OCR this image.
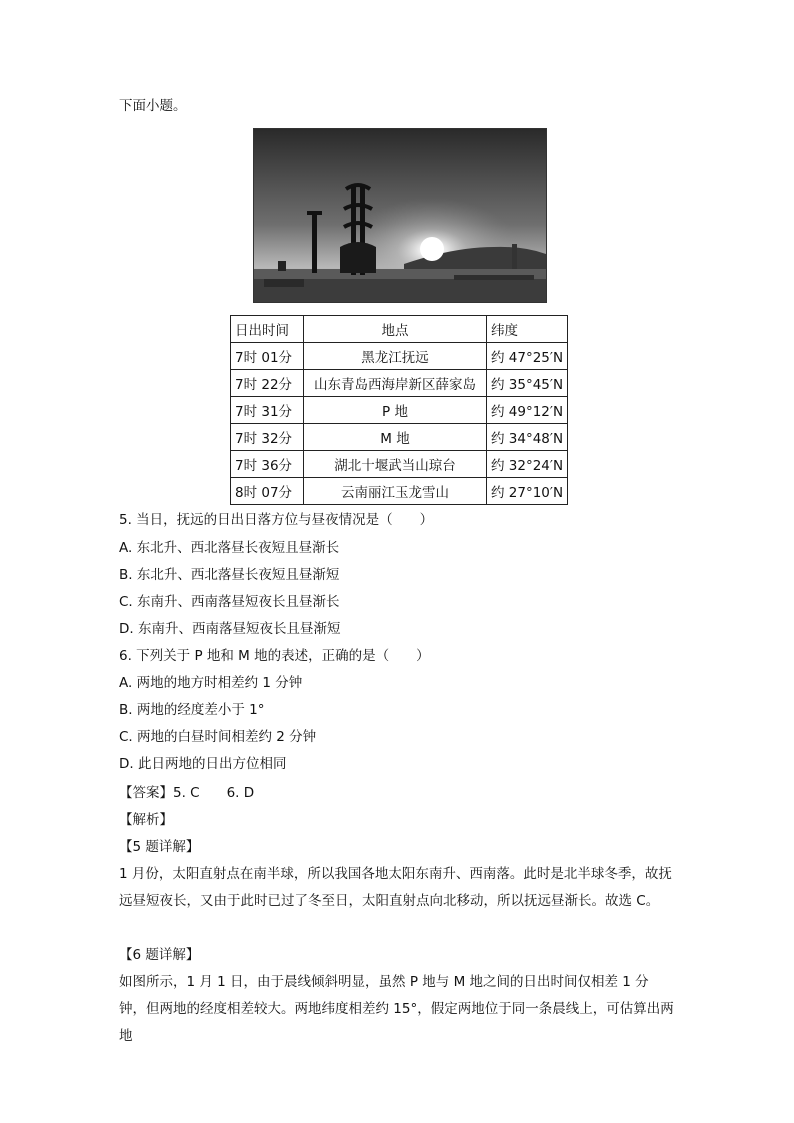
下面小题。
日出时间	地点	纬度
7时 01分	黑龙江抚远	约 47°25′N
7时 22分	山东青岛西海岸新区薛家岛	约 35°45′N
7时 31分	P 地	约 49°12′N
7时 32分	M 地	约 34°48′N
7时 36分	湖北十堰武当山琼台	约 32°24′N
8时 07分	云南丽江玉龙雪山	约 27°10′N
5. 当日，抚远的日出日落方位与昼夜情况是（　　）
A. 东北升、西北落昼长夜短且昼渐长
B. 东北升、西北落昼长夜短且昼渐短
C. 东南升、西南落昼短夜长且昼渐长
D. 东南升、西南落昼短夜长且昼渐短
6. 下列关于 P 地和 M 地的表述，正确的是（　　）
A. 两地的地方时相差约 1 分钟
B. 两地的经度差小于 1°
C. 两地的白昼时间相差约 2 分钟
D. 此日两地的日出方位相同
【答案】5. C　　6. D
【解析】
【5 题详解】
1 月份，太阳直射点在南半球，所以我国各地太阳东南升、西南落。此时是北半球冬季，故抚远昼短夜长，又由于此时已过了冬至日，太阳直射点向北移动，所以抚远昼渐长。故选 C。
【6 题详解】
如图所示，1 月 1 日，由于晨线倾斜明显，虽然 P 地与 M 地之间的日出时间仅相差 1 分钟，但两地的经度相差较大。两地纬度相差约 15°，假定两地位于同一条晨线上，可估算出两地
